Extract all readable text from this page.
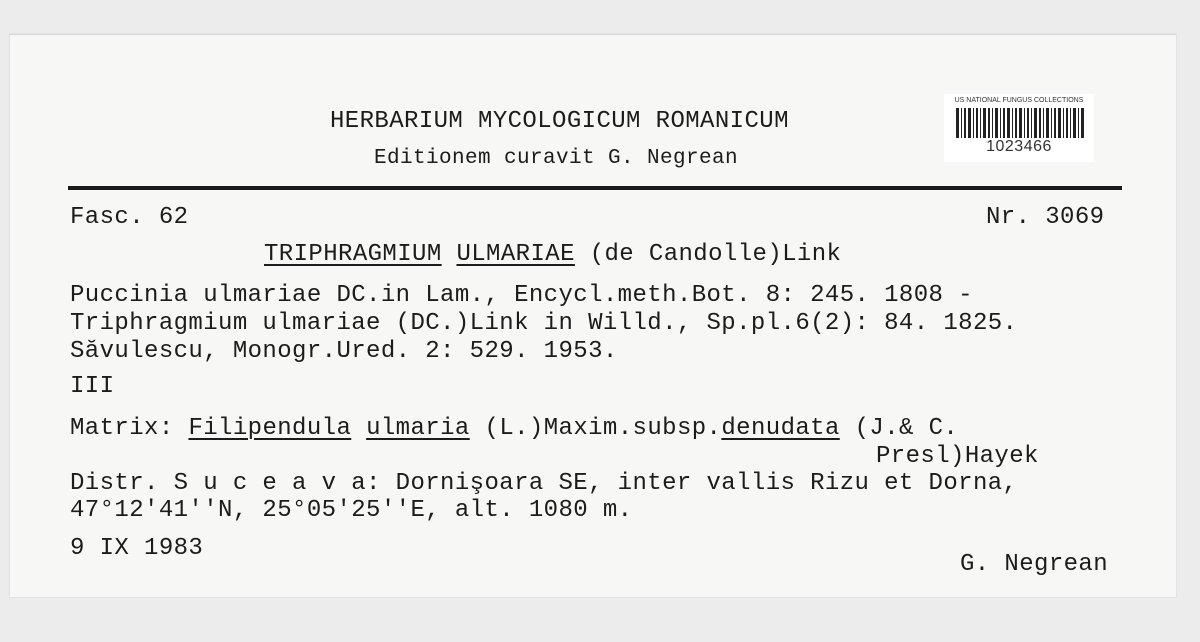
HERBARIUM MYCOLOGICUM ROMANICUM
Editionem curavit G. Negrean
US NATIONAL FUNGUS COLLECTIONS
1023466
Fasc. 62	Nr. 3069
TRIPHRAGMIUM ULMARIAE (de Candolle)Link
Puccinia ulmariae DC.in Lam., Encycl.meth.Bot. 8: 245. 1808 -
Triphragmium ulmariae (DC.)Link in Willd., Sp.pl.6(2): 84. 1825.
Săvulescu, Monogr.Ured. 2: 529. 1953.
III
Matrix: Filipendula ulmaria (L.)Maxim.subsp.denudata (J.& C.
Presl)Hayek
Distr. S u c e a v a: Dornişoara SE, inter vallis Rizu et Dorna,
47°12'41''N, 25°05'25''E, alt. 1080 m.
9 IX 1983
G. Negrean
